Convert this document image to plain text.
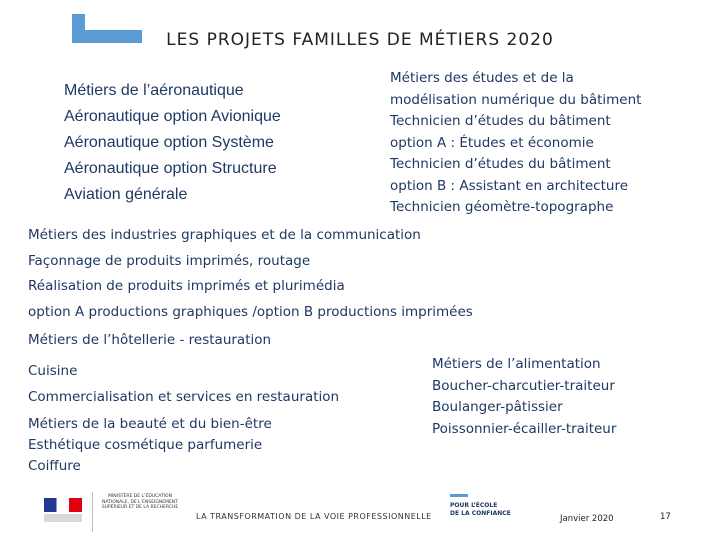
LES PROJETS FAMILLES DE MÉTIERS 2020
Métiers de l’aéronautique
Aéronautique option Avionique
Aéronautique option Système
Aéronautique option Structure
Aviation générale
Métiers des études et de la
modélisation numérique du bâtiment
Technicien d’études du bâtiment
option A : Études et économie
Technicien d’études du bâtiment
option B : Assistant en architecture
Technicien géomètre-topographe
Métiers des industries graphiques et de la communication
Façonnage de produits imprimés, routage
Réalisation de produits imprimés et plurimédia
option A productions graphiques /option B productions imprimées
Métiers de l’hôtellerie - restauration
Cuisine
Commercialisation et services en restauration
Métiers de la beauté et du bien-être
Esthétique cosmétique parfumerie
Coiffure
Métiers de l’alimentation
Boucher-charcutier-traiteur
Boulanger-pâtissier
Poissonnier-écailler-traiteur
MINISTÈRE DE L’ÉDUCATION NATIONALE, DE L’ENSEIGNEMENT SUPÉRIEUR ET DE LA RECHERCHE
LA TRANSFORMATION DE LA VOIE PROFESSIONNELLE
POUR L’ÉCOLE
DE LA CONFIANCE
Janvier 2020	17
